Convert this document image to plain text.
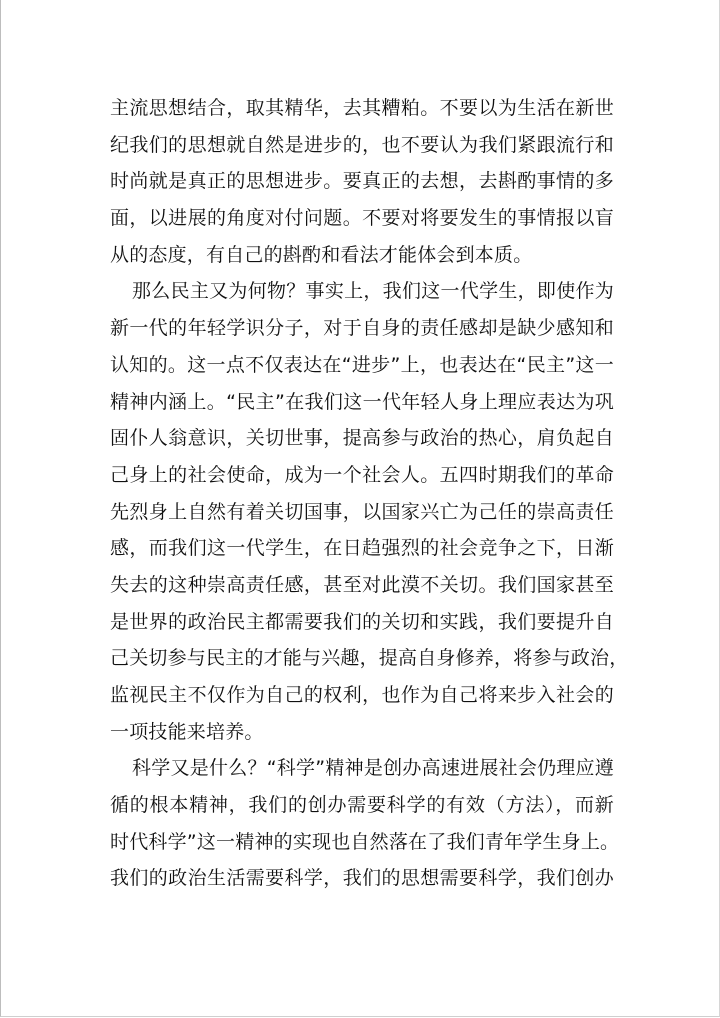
主流思想结合，取其精华，去其糟粕。不要以为生活在新世
纪我们的思想就自然是进步的，也不要认为我们紧跟流行和
时尚就是真正的思想进步。要真正的去想，去斟酌事情的多
面，以进展的角度对付问题。不要对将要发生的事情报以盲
从的态度，有自己的斟酌和看法才能体会到本质。
那么民主又为何物？事实上，我们这一代学生，即使作为
新一代的年轻学识分子，对于自身的责任感却是缺少感知和
认知的。这一点不仅表达在“进步”上，也表达在“民主”这一
精神内涵上。“民主”在我们这一代年轻人身上理应表达为巩
固仆人翁意识，关切世事，提高参与政治的热心，肩负起自
己身上的社会使命，成为一个社会人。五四时期我们的革命
先烈身上自然有着关切国事，以国家兴亡为己任的崇高责任
感，而我们这一代学生，在日趋强烈的社会竞争之下，日渐
失去的这种崇高责任感，甚至对此漠不关切。我们国家甚至
是世界的政治民主都需要我们的关切和实践，我们要提升自
己关切参与民主的才能与兴趣，提高自身修养，将参与政治，
监视民主不仅作为自己的权利，也作为自己将来步入社会的
一项技能来培养。
科学又是什么？“科学”精神是创办高速进展社会仍理应遵
循的根本精神，我们的创办需要科学的有效（方法），而新
时代科学”这一精神的实现也自然落在了我们青年学生身上。
我们的政治生活需要科学，我们的思想需要科学，我们创办
